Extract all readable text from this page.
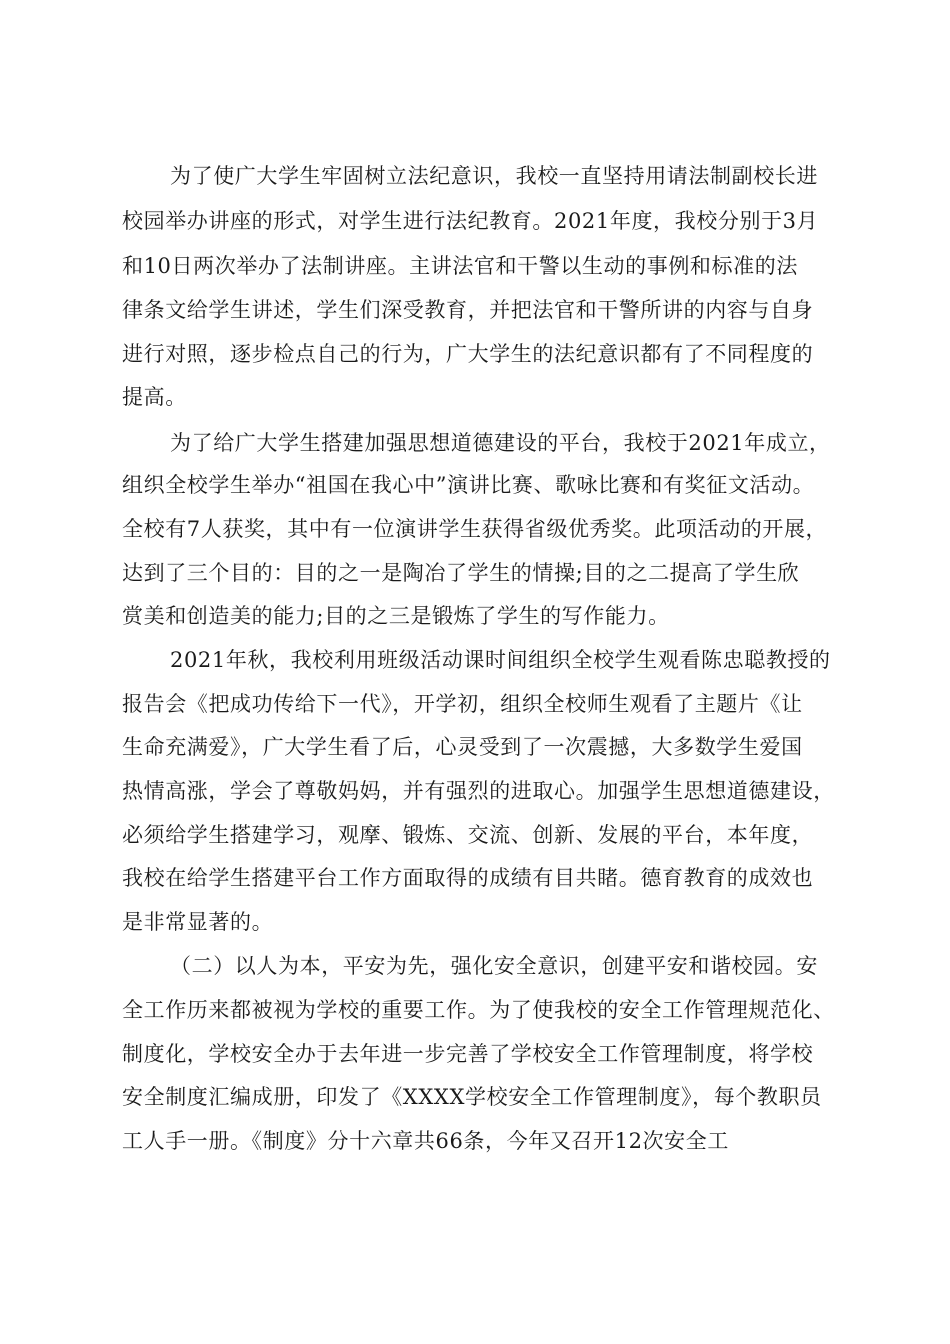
为了使广大学生牢固树立法纪意识，我校一直坚持用请法制副校长进
校园举办讲座的形式，对学生进行法纪教育。2021年度，我校分别于3月
和10日两次举办了法制讲座。主讲法官和干警以生动的事例和标准的法
律条文给学生讲述，学生们深受教育，并把法官和干警所讲的内容与自身
进行对照，逐步检点自己的行为，广大学生的法纪意识都有了不同程度的
提高。
为了给广大学生搭建加强思想道德建设的平台，我校于2021年成立，
组织全校学生举办“祖国在我心中”演讲比赛、歌咏比赛和有奖征文活动。
全校有7人获奖，其中有一位演讲学生获得省级优秀奖。此项活动的开展，
达到了三个目的：目的之一是陶冶了学生的情操;目的之二提高了学生欣
赏美和创造美的能力;目的之三是锻炼了学生的写作能力。
2021年秋，我校利用班级活动课时间组织全校学生观看陈忠聪教授的
报告会《把成功传给下一代》，开学初，组织全校师生观看了主题片《让
生命充满爱》，广大学生看了后，心灵受到了一次震撼，大多数学生爱国
热情高涨，学会了尊敬妈妈，并有强烈的进取心。加强学生思想道德建设，
必须给学生搭建学习，观摩、锻炼、交流、创新、发展的平台，本年度，
我校在给学生搭建平台工作方面取得的成绩有目共睹。德育教育的成效也
是非常显著的。
（二）以人为本，平安为先，强化安全意识，创建平安和谐校园。安
全工作历来都被视为学校的重要工作。为了使我校的安全工作管理规范化、
制度化，学校安全办于去年进一步完善了学校安全工作管理制度，将学校
安全制度汇编成册，印发了《XXXX学校安全工作管理制度》，每个教职员
工人手一册。《制度》分十六章共66条，今年又召开12次安全工
